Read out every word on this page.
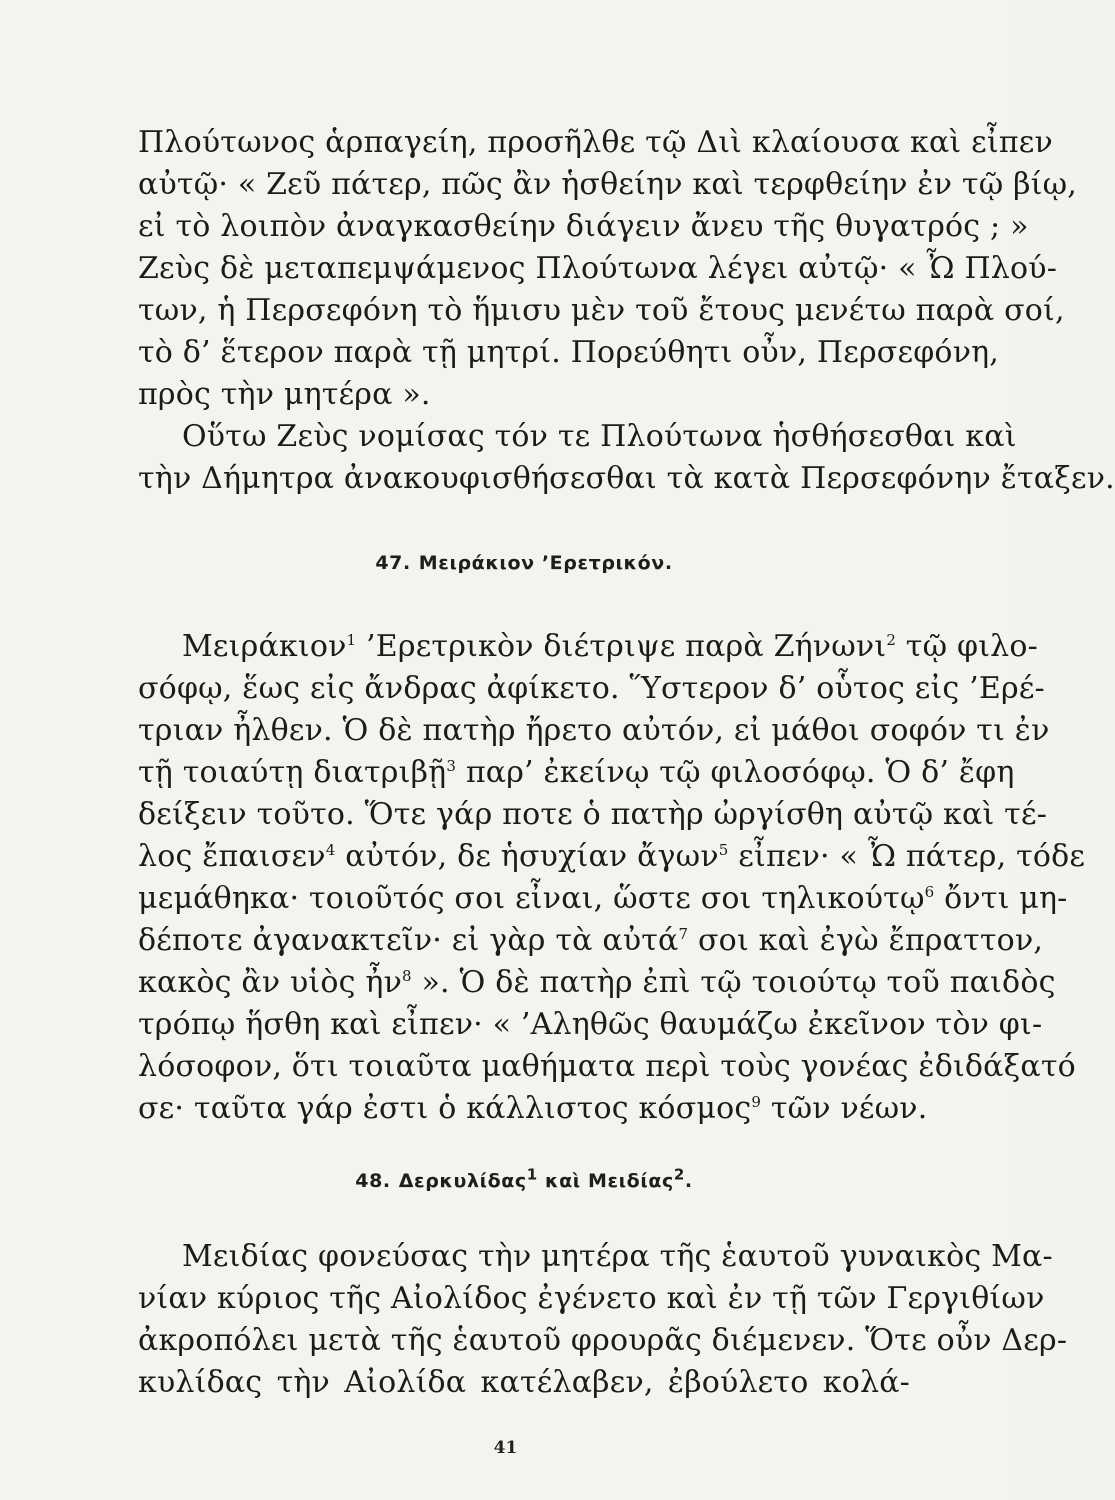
Πλούτωνος ἁρπαγείη, προσῆλθε τῷ Διὶ κλαίουσα καὶ εἶπεν
αὐτῷ· « Ζεῦ πάτερ, πῶς ἂν ἡσθείην καὶ τερφθείην ἐν τῷ βίῳ,
εἰ τὸ λοιπὸν ἀναγκασθείην διάγειν ἄνευ τῆς θυγατρός ; »
Ζεὺς δὲ μεταπεμψάμενος Πλούτωνα λέγει αὐτῷ· « Ὦ Πλού-
των, ἡ Περσεφόνη τὸ ἥμισυ μὲν τοῦ ἔτους μενέτω παρὰ σοί,
τὸ δ’ ἕτερον παρὰ τῇ μητρί. Πορεύθητι οὖν, Περσεφόνη,
πρὸς τὴν μητέρα ».
Οὕτω Ζεὺς νομίσας τόν τε Πλούτωνα ἡσθήσεσθαι καὶ
τὴν Δήμητρα ἀνακουφισθήσεσθαι τὰ κατὰ Περσεφόνην ἔταξεν.
47. Μειράκιον ’Ερετρικόν.
Μειράκιον$^1$ ’Ερετρικὸν διέτριψε παρὰ Ζήνωνι$^2$ τῷ φιλο-
σόφῳ, ἕως εἰς ἄνδρας ἀφίκετο. Ὕστερον δ’ οὗτος εἰς ’Ερέ-
τριαν ἦλθεν. Ὁ δὲ πατὴρ ἤρετο αὐτόν, εἰ μάθοι σοφόν τι ἐν
τῇ τοιαύτῃ διατριβῇ$^3$ παρ’ ἐκείνῳ τῷ φιλοσόφῳ. Ὁ δ’ ἔφη
δείξειν τοῦτο. Ὅτε γάρ ποτε ὁ πατὴρ ὠργίσθη αὐτῷ καὶ τέ-
λος ἔπαισεν$^4$ αὐτόν, δε ἡσυχίαν ἄγων$^5$ εἶπεν· « Ὦ πάτερ, τόδε
μεμάθηκα· τοιοῦτός σοι εἶναι, ὥστε σοι τηλικούτῳ$^6$ ὄντι μη-
δέποτε ἀγανακτεῖν· εἰ γὰρ τὰ αὐτά$^7$ σοι καὶ ἐγὼ ἔπραττον,
κακὸς ἂν υἱὸς ἦν$^8$ ». Ὁ δὲ πατὴρ ἐπὶ τῷ τοιούτῳ τοῦ παιδὸς
τρόπῳ ἥσθη καὶ εἶπεν· « ’Αληθῶς θαυμάζω ἐκεῖνον τὸν φι-
λόσοφον, ὅτι τοιαῦτα μαθήματα περὶ τοὺς γονέας ἐδιδάξατό
σε· ταῦτα γάρ ἐστι ὁ κάλλιστος κόσμος$^9$ τῶν νέων.
48. Δερκυλίδας$^1$ καὶ Μειδίας$^2$.
Μειδίας φονεύσας τὴν μητέρα τῆς ἑαυτοῦ γυναικὸς Μα-
νίαν κύριος τῆς Αἰολίδος ἐγένετο καὶ ἐν τῇ τῶν Γεργιθίων
ἀκροπόλει μετὰ τῆς ἑαυτοῦ φρουρᾶς διέμενεν. Ὅτε οὖν Δερ-
κυλίδας τὴν Αἰολίδα κατέλαβεν, ἐβούλετο κολά-
41
